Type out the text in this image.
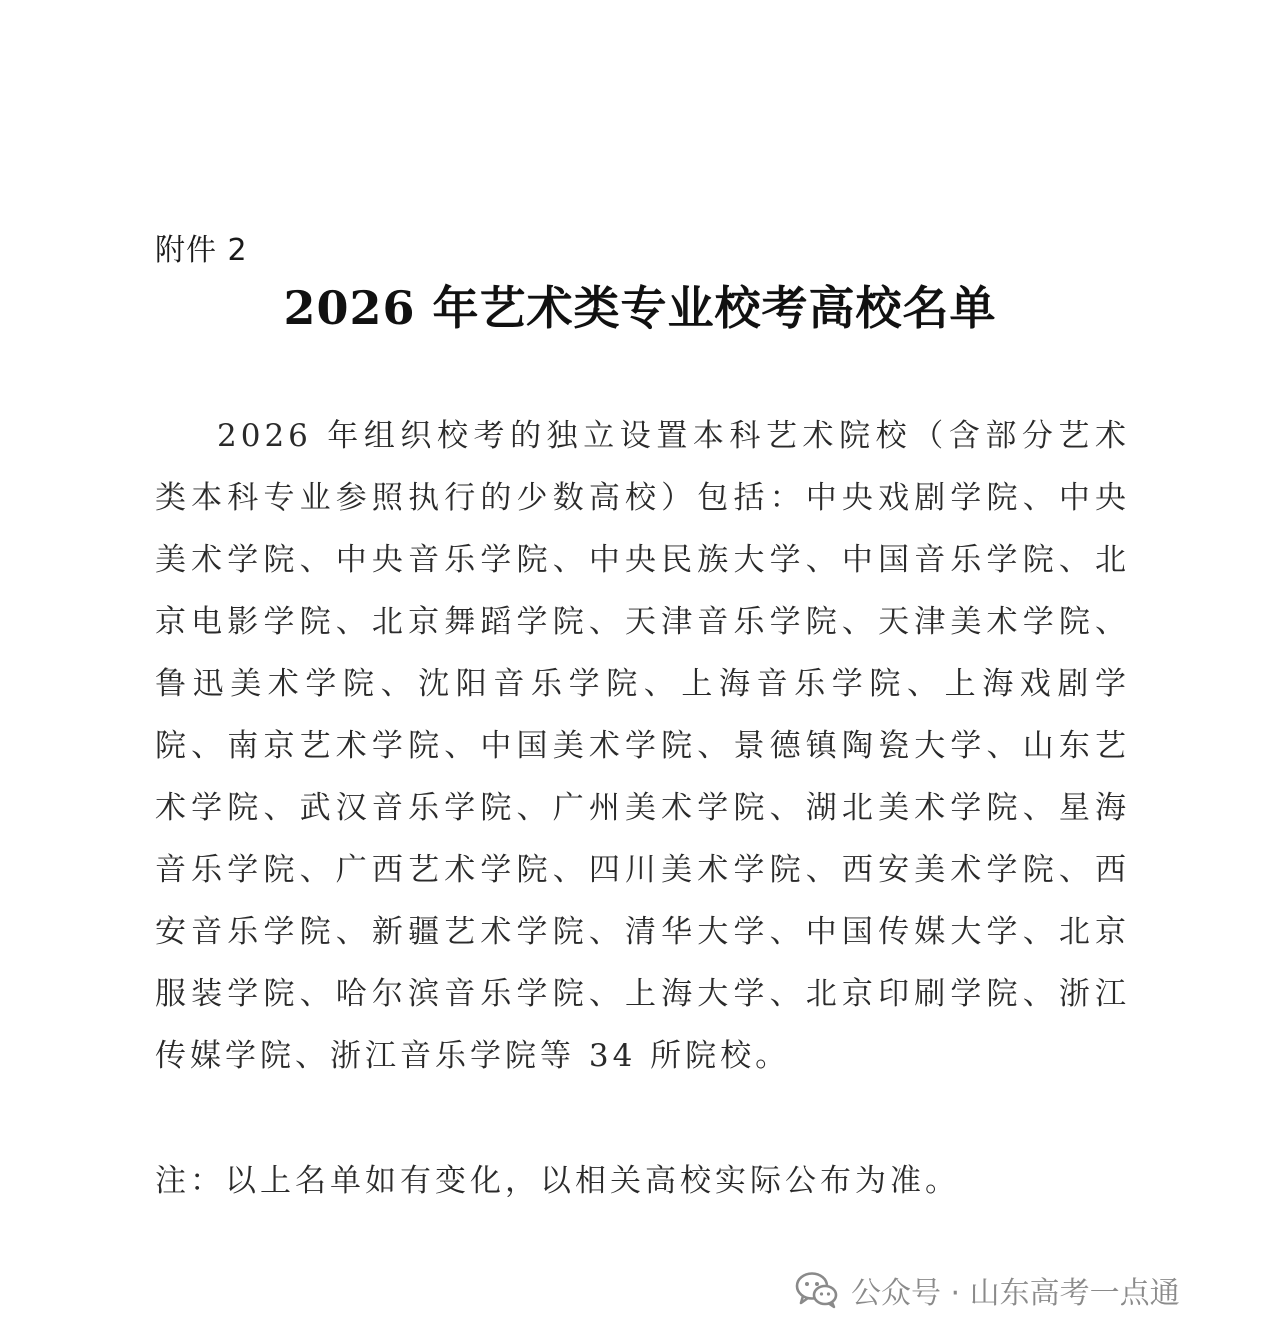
附件 2
2026 年艺术类专业校考高校名单

2026 年组织校考的独立设置本科艺术院校（含部分艺术类本科专业参照执行的少数高校）包括：中央戏剧学院、中央美术学院、中央音乐学院、中央民族大学、中国音乐学院、北京电影学院、北京舞蹈学院、天津音乐学院、天津美术学院、鲁迅美术学院、沈阳音乐学院、上海音乐学院、上海戏剧学院、南京艺术学院、中国美术学院、景德镇陶瓷大学、山东艺术学院、武汉音乐学院、广州美术学院、湖北美术学院、星海音乐学院、广西艺术学院、四川美术学院、西安美术学院、西安音乐学院、新疆艺术学院、清华大学、中国传媒大学、北京服装学院、哈尔滨音乐学院、上海大学、北京印刷学院、浙江传媒学院、浙江音乐学院等 34 所院校。

注：以上名单如有变化，以相关高校实际公布为准。

公众号 · 山东高考一点通
